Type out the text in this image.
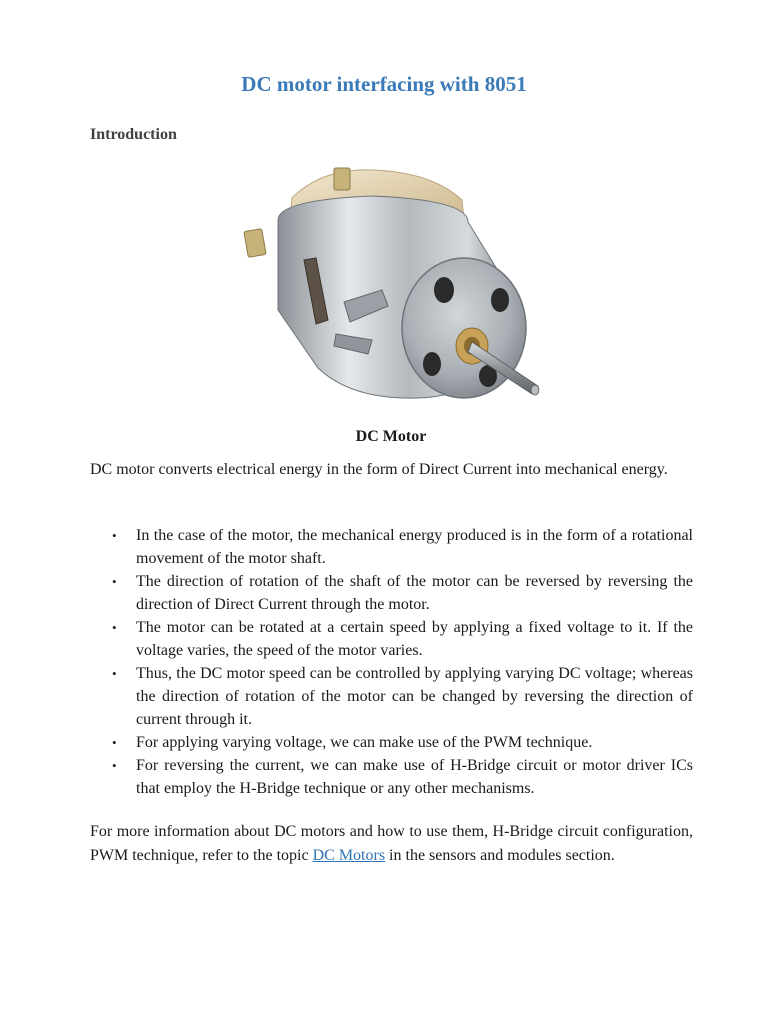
DC motor interfacing with 8051
Introduction

DC Motor

DC motor converts electrical energy in the form of Direct Current into mechanical energy.

• In the case of the motor, the mechanical energy produced is in the form of a rotational movement of the motor shaft.
• The direction of rotation of the shaft of the motor can be reversed by reversing the direction of Direct Current through the motor.
• The motor can be rotated at a certain speed by applying a fixed voltage to it. If the voltage varies, the speed of the motor varies.
• Thus, the DC motor speed can be controlled by applying varying DC voltage; whereas the direction of rotation of the motor can be changed by reversing the direction of current through it.
• For applying varying voltage, we can make use of the PWM technique.
• For reversing the current, we can make use of H-Bridge circuit or motor driver ICs that employ the H-Bridge technique or any other mechanisms.

For more information about DC motors and how to use them, H-Bridge circuit configuration, PWM technique, refer to the topic DC Motors in the sensors and modules section.
